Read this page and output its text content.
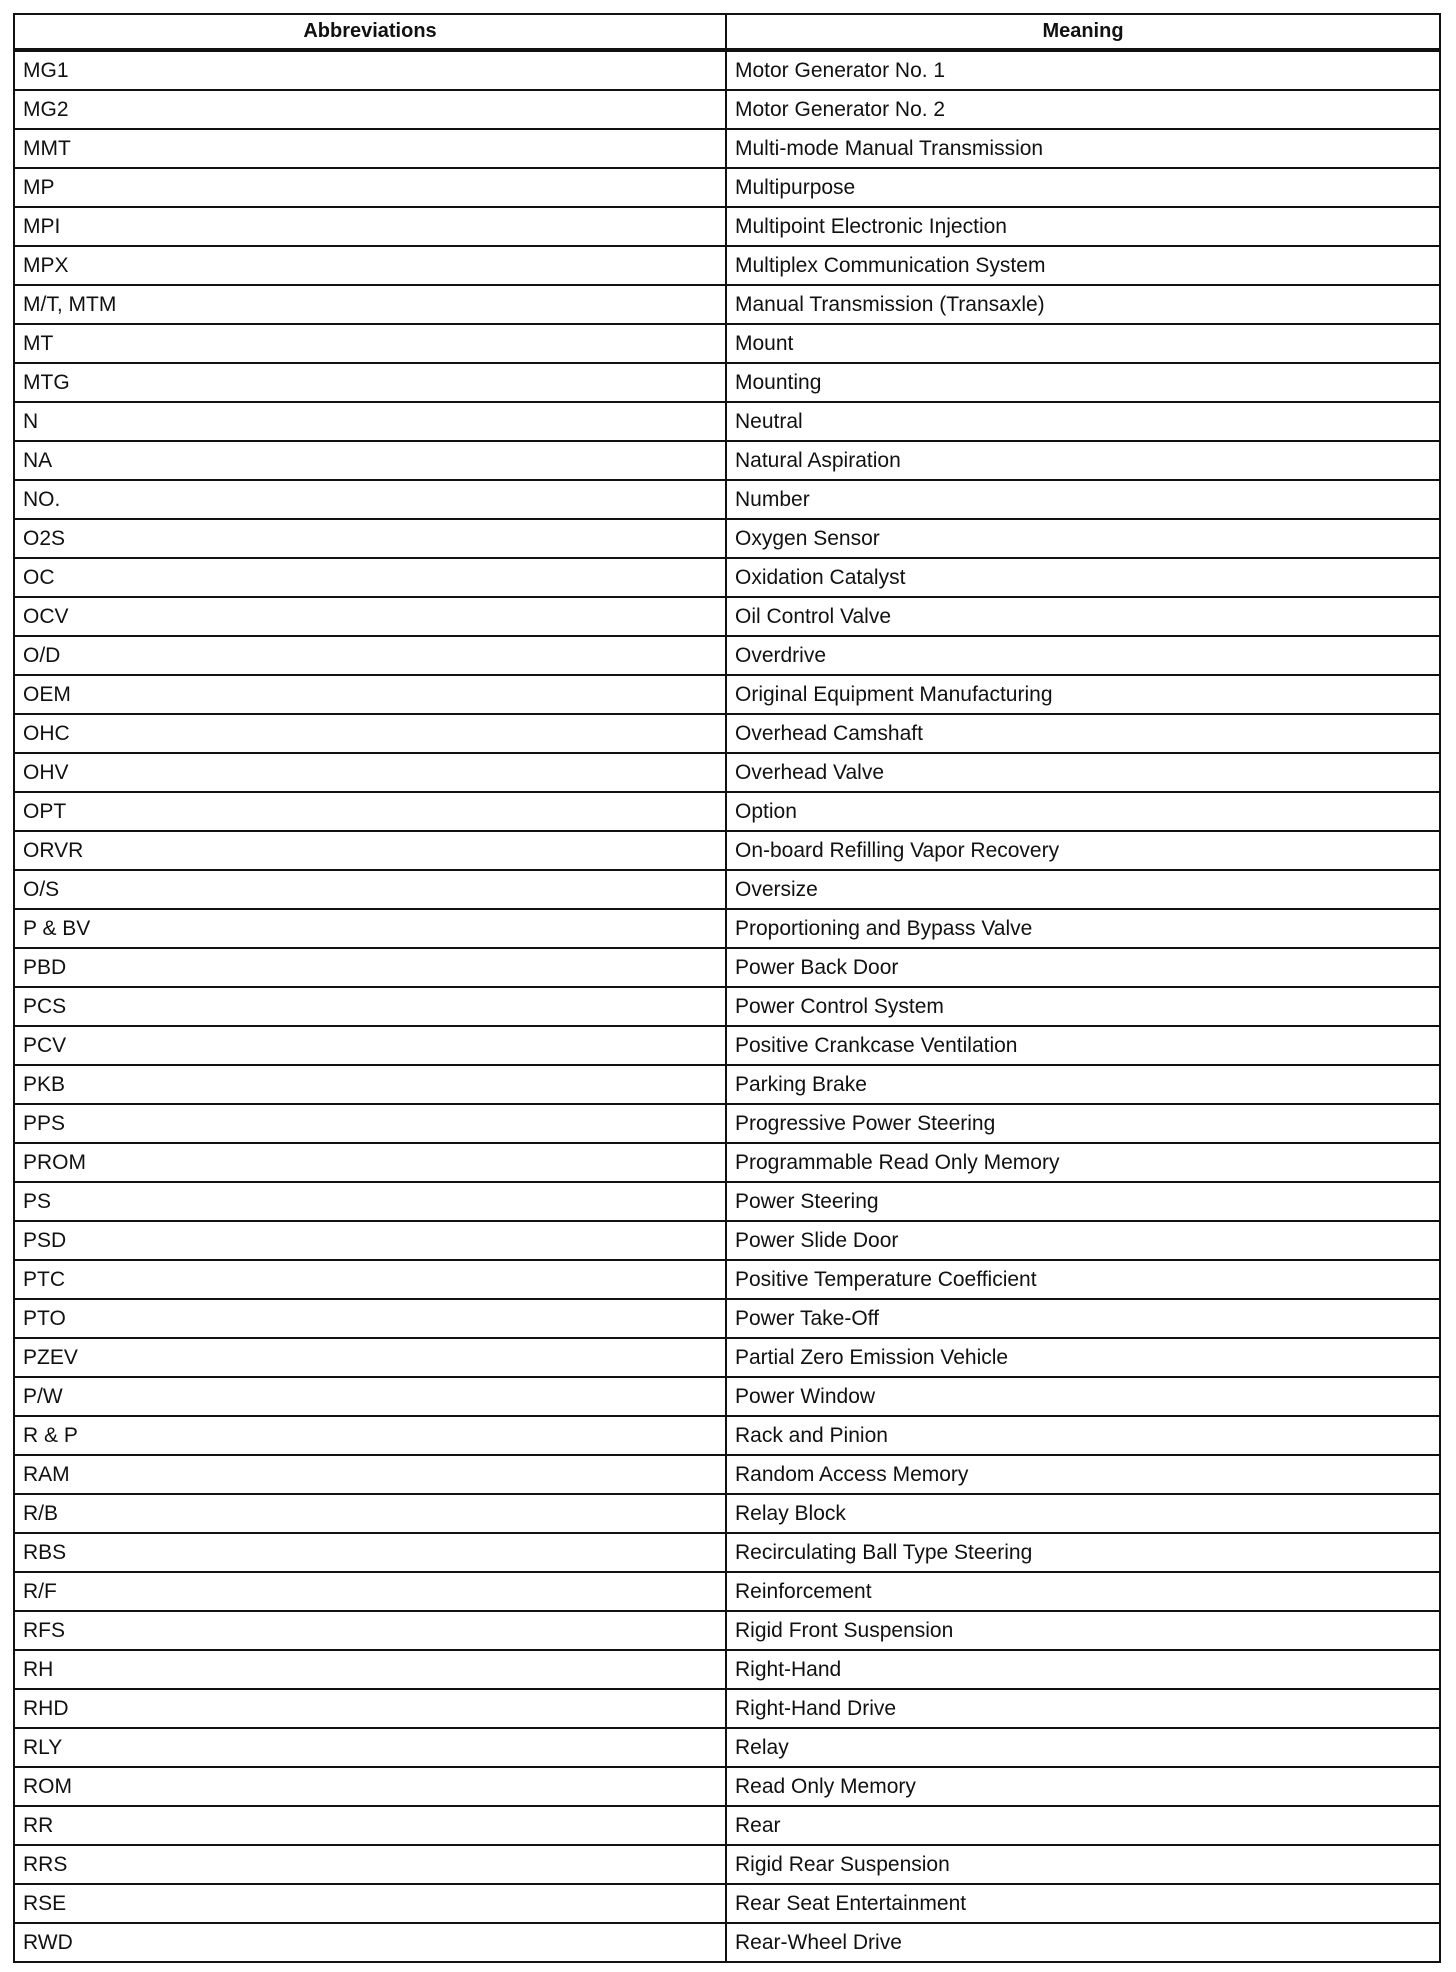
Abbreviations	Meaning
MG1	Motor Generator No. 1
MG2	Motor Generator No. 2
MMT	Multi-mode Manual Transmission
MP	Multipurpose
MPI	Multipoint Electronic Injection
MPX	Multiplex Communication System
M/T, MTM	Manual Transmission (Transaxle)
MT	Mount
MTG	Mounting
N	Neutral
NA	Natural Aspiration
NO.	Number
O2S	Oxygen Sensor
OC	Oxidation Catalyst
OCV	Oil Control Valve
O/D	Overdrive
OEM	Original Equipment Manufacturing
OHC	Overhead Camshaft
OHV	Overhead Valve
OPT	Option
ORVR	On-board Refilling Vapor Recovery
O/S	Oversize
P & BV	Proportioning and Bypass Valve
PBD	Power Back Door
PCS	Power Control System
PCV	Positive Crankcase Ventilation
PKB	Parking Brake
PPS	Progressive Power Steering
PROM	Programmable Read Only Memory
PS	Power Steering
PSD	Power Slide Door
PTC	Positive Temperature Coefficient
PTO	Power Take-Off
PZEV	Partial Zero Emission Vehicle
P/W	Power Window
R & P	Rack and Pinion
RAM	Random Access Memory
R/B	Relay Block
RBS	Recirculating Ball Type Steering
R/F	Reinforcement
RFS	Rigid Front Suspension
RH	Right-Hand
RHD	Right-Hand Drive
RLY	Relay
ROM	Read Only Memory
RR	Rear
RRS	Rigid Rear Suspension
RSE	Rear Seat Entertainment
RWD	Rear-Wheel Drive
